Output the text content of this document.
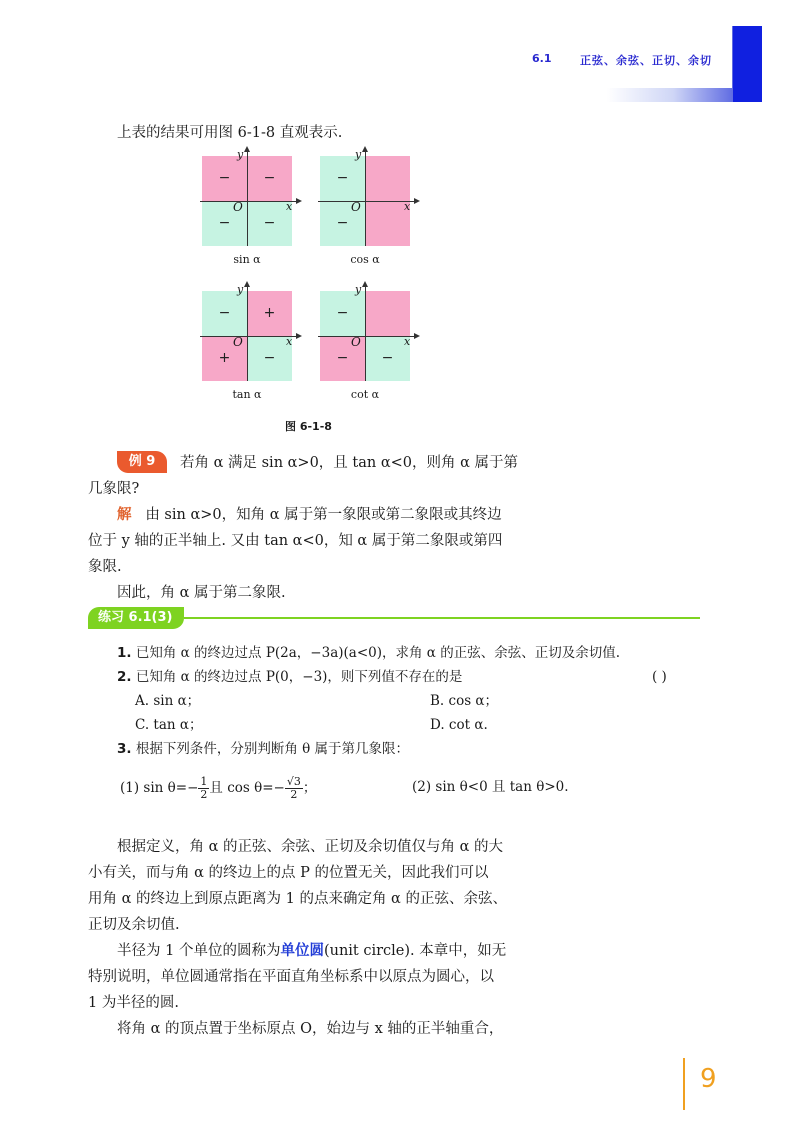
6.1	正弦、余弦、正切、余切
上表的结果可用图 6-1-8 直观表示.
−	−
−	−
x
y
O
sin α
−
−
x
y
O
cos α
−	+
+	−
x
y
O
tan α
−
−	−
x
y
O
cot α
图 6-1-8
例 9	若角 α 满足 sin α>0，且 tan α<0，则角 α 属于第
几象限?
解 由 sin α>0，知角 α 属于第一象限或第二象限或其终边
位于 y 轴的正半轴上. 又由 tan α<0，知 α 属于第二象限或第四
象限.
因此，角 α 属于第二象限.
练习 6.1(3)
1. 已知角 α 的终边过点 P(2a，−3a)(a<0)，求角 α 的正弦、余弦、正切及余切值.
2. 已知角 α 的终边过点 P(0，−3)，则下列值不存在的是	( )
A. sin α；	B. cos α；
C. tan α；	D. cot α.
3. 根据下列条件，分别判断角 θ 属于第几象限：
(1) $\sin \theta=- \frac{1}{2}$ 且 $\cos \theta=- \frac{√3}{2}$ ；	(2) sin θ<0 且 tan θ>0.
根据定义，角 α 的正弦、余弦、正切及余切值仅与角 α 的大
小有关，而与角 α 的终边上的点 P 的位置无关，因此我们可以
用角 α 的终边上到原点距离为 1 的点来确定角 α 的正弦、余弦、
正切及余切值.
半径为 1 个单位的圆称为单位圆(unit circle). 本章中，如无
特别说明，单位圆通常指在平面直角坐标系中以原点为圆心，以
1 为半径的圆.
将角 α 的顶点置于坐标原点 O，始边与 x 轴的正半轴重合，
9
